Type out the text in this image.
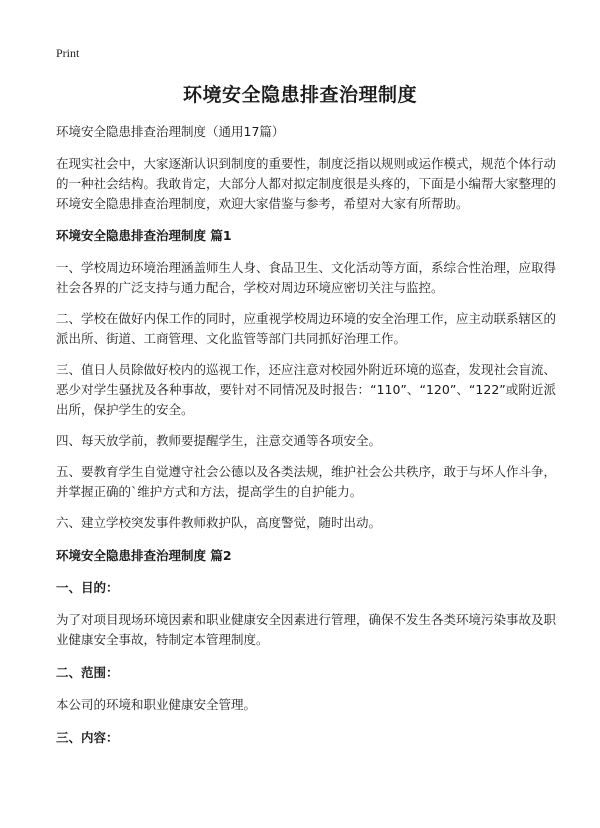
Print
环境安全隐患排查治理制度

环境安全隐患排查治理制度（通用17篇）

在现实社会中，大家逐渐认识到制度的重要性，制度泛指以规则或运作模式，规范个体行动的一种社会结构。我敢肯定，大部分人都对拟定制度很是头疼的，下面是小编帮大家整理的环境安全隐患排查治理制度，欢迎大家借鉴与参考，希望对大家有所帮助。

环境安全隐患排查治理制度 篇1

一、学校周边环境治理涵盖师生人身、食品卫生、文化活动等方面，系综合性治理，应取得社会各界的广泛支持与通力配合，学校对周边环境应密切关注与监控。

二、学校在做好内保工作的同时，应重视学校周边环境的安全治理工作，应主动联系辖区的派出所、街道、工商管理、文化监管等部门共同抓好治理工作。

三、值日人员除做好校内的巡视工作，还应注意对校园外附近环境的巡查，发现社会盲流、恶少对学生骚扰及各种事故，要针对不同情况及时报告：“110”、“120”、“122”或附近派出所，保护学生的安全。

四、每天放学前，教师要提醒学生，注意交通等各项安全。

五、要教育学生自觉遵守社会公德以及各类法规，维护社会公共秩序，敢于与坏人作斗争，并掌握正确的`维护方式和方法，提高学生的自护能力。

六、建立学校突发事件教师救护队，高度警觉，随时出动。

环境安全隐患排查治理制度 篇2
一、目的：

为了对项目现场环境因素和职业健康安全因素进行管理，确保不发生各类环境污染事故及职业健康安全事故，特制定本管理制度。

二、范围：

本公司的环境和职业健康安全管理。

三、内容：
